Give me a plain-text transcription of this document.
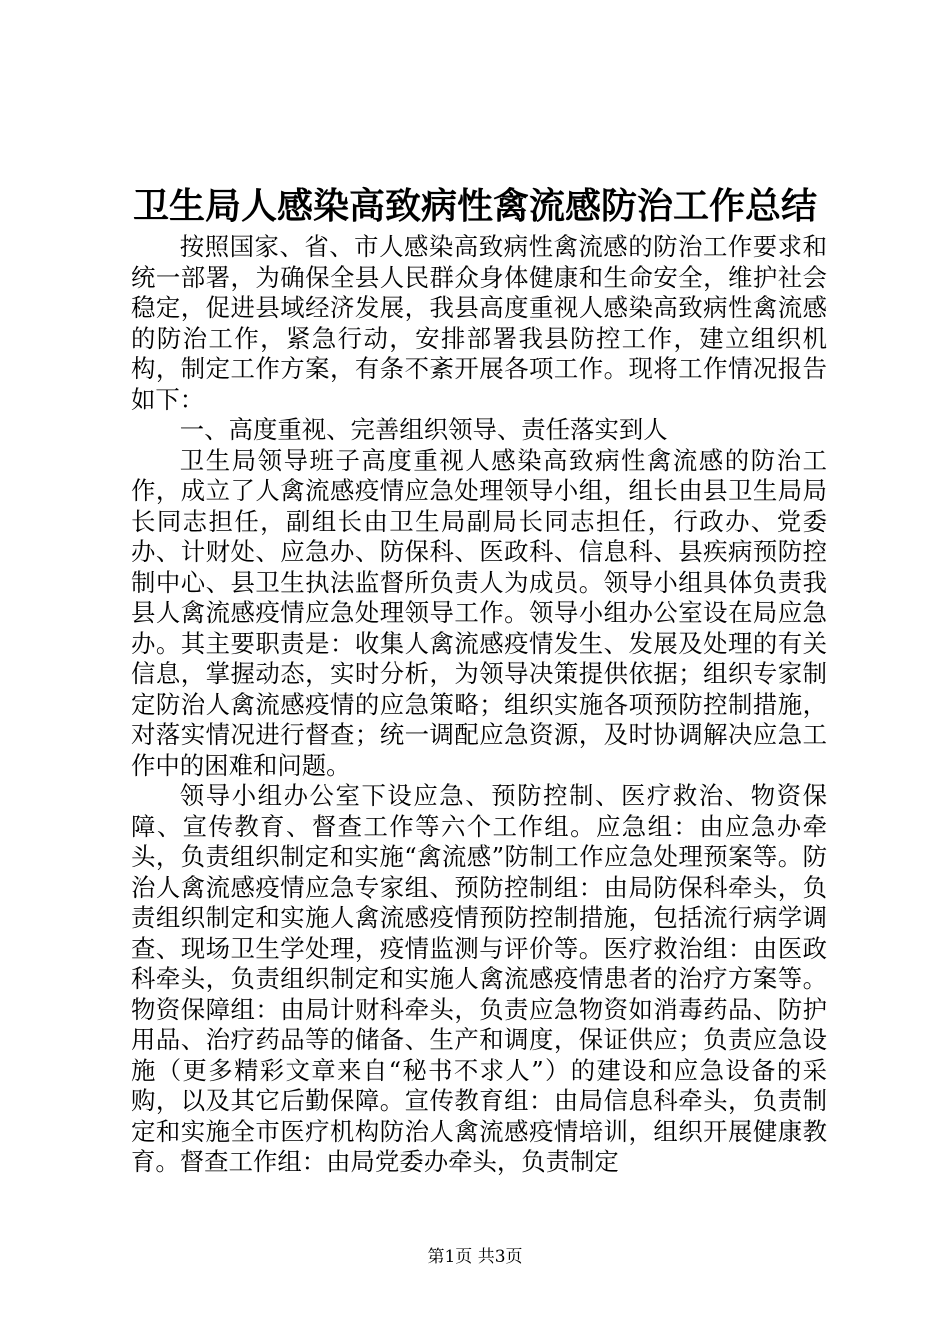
卫生局人感染高致病性禽流感防治工作总结

按照国家、省、市人感染高致病性禽流感的防治工作要求和统一部署，为确保全县人民群众身体健康和生命安全，维护社会稳定，促进县域经济发展，我县高度重视人感染高致病性禽流感的防治工作，紧急行动，安排部署我县防控工作，建立组织机构，制定工作方案，有条不紊开展各项工作。现将工作情况报告如下：

一、高度重视、完善组织领导、责任落实到人

卫生局领导班子高度重视人感染高致病性禽流感的防治工作，成立了人禽流感疫情应急处理领导小组，组长由县卫生局局长同志担任，副组长由卫生局副局长同志担任，行政办、党委办、计财处、应急办、防保科、医政科、信息科、县疾病预防控制中心、县卫生执法监督所负责人为成员。领导小组具体负责我县人禽流感疫情应急处理领导工作。领导小组办公室设在局应急办。其主要职责是：收集人禽流感疫情发生、发展及处理的有关信息，掌握动态，实时分析，为领导决策提供依据；组织专家制定防治人禽流感疫情的应急策略；组织实施各项预防控制措施，对落实情况进行督查；统一调配应急资源，及时协调解决应急工作中的困难和问题。

领导小组办公室下设应急、预防控制、医疗救治、物资保障、宣传教育、督查工作等六个工作组。应急组：由应急办牵头，负责组织制定和实施“禽流感”防制工作应急处理预案等。防治人禽流感疫情应急专家组、预防控制组：由局防保科牵头，负责组织制定和实施人禽流感疫情预防控制措施，包括流行病学调查、现场卫生学处理，疫情监测与评价等。医疗救治组：由医政科牵头，负责组织制定和实施人禽流感疫情患者的治疗方案等。物资保障组：由局计财科牵头，负责应急物资如消毒药品、防护用品、治疗药品等的储备、生产和调度，保证供应；负责应急设施（更多精彩文章来自“秘书不求人”）的建设和应急设备的采购，以及其它后勤保障。宣传教育组：由局信息科牵头，负责制定和实施全市医疗机构防治人禽流感疫情培训，组织开展健康教育。督查工作组：由局党委办牵头，负责制定

第1页 共3页
